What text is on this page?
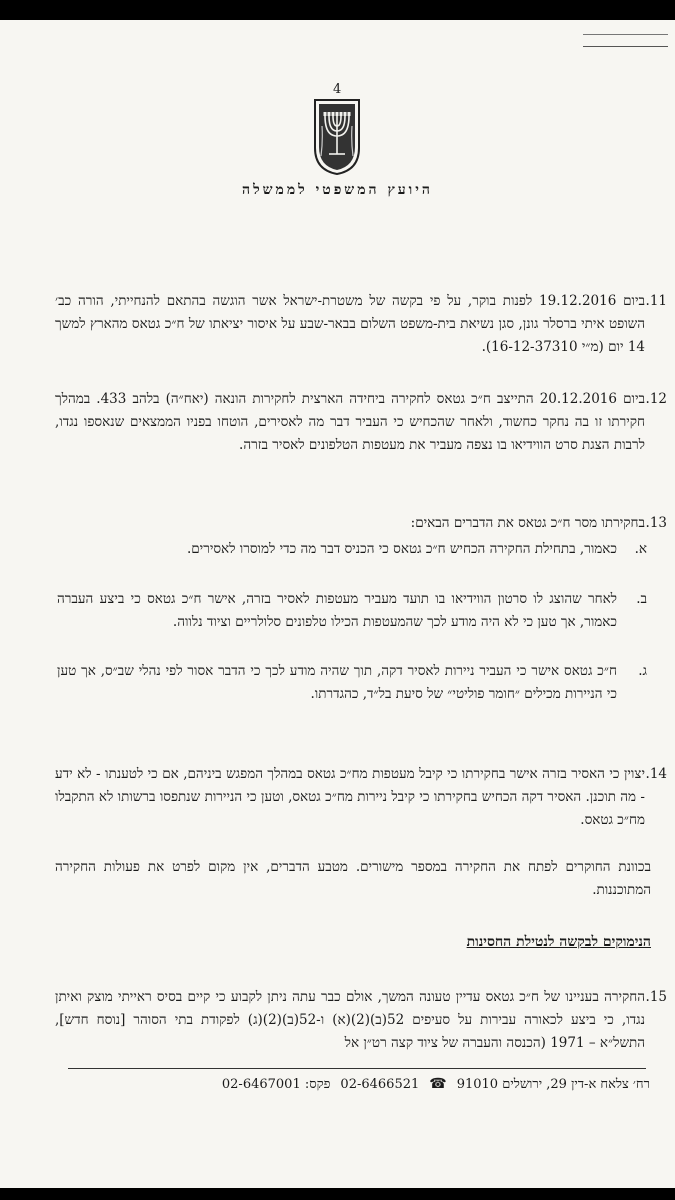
4
היועץ המשפטי לממשלה
11.
ביום 19.12.2016 לפנות בוקר, על פי בקשה של משטרת-ישראל אשר הוגשה בהתאם להנחייתי, הורה כב׳ השופט איתי ברסלר גונן, סגן נשיאת בית-משפט השלום בבאר-שבע על איסור יציאתו של ח״כ גטאס מהארץ למשך 14 יום (מ״י 16-12-37310).
12.
ביום 20.12.2016 התייצב ח״כ גטאס לחקירה ביחידה הארצית לחקירות הונאה (יאח״ה) בלהב 433. במהלך חקירתו זו בה נחקר כחשוד, ולאחר שהכחיש כי העביר דבר מה לאסירים, הוטחו בפניו הממצאים שנאספו נגדו, לרבות הצגת סרט הווידיאו בו נצפה מעביר את מעטפות הטלפונים לאסיר בזרה.
13.
בחקירתו מסר ח״כ גטאס את הדברים הבאים:
א.
כאמור, בתחילת החקירה הכחיש ח״כ גטאס כי הכניס דבר מה כדי למוסרו לאסירים.
ב.
לאחר שהוצג לו סרטון הווידיאו בו תועד מעביר מעטפות לאסיר בזרה, אישר ח״כ גטאס כי ביצע העברה כאמור, אך טען כי לא היה מודע לכך שהמעטפות הכילו טלפונים סלולריים וציוד נלווה.
ג.
ח״כ גטאס אישר כי העביר ניירות לאסיר דקה, תוך שהיה מודע לכך כי הדבר אסור לפי נהלי שב״ס, אך טען כי הניירות מכילים ״חומר פוליטי״ של סיעת בל״ד, כהגדרתו.
14.
יצוין כי האסיר בזרה אישר בחקירתו כי קיבל מעטפות מח״כ גטאס במהלך המפגש ביניהם, אם כי לטענתו - לא ידע - מה תוכנן. האסיר דקה הכחיש בחקירתו כי קיבל ניירות מח״כ גטאס, וטען כי הניירות שנתפסו ברשותו לא התקבלו מח״כ גטאס.
בכוונת החוקרים לפתח את החקירה במספר מישורים. מטבע הדברים, אין מקום לפרט את פעולות החקירה המתוכננות.
הנימוקים לבקשה לנטילת החסינות
15.
החקירה בעניינו של ח״כ גטאס עדיין טעונה המשך, אולם כבר עתה ניתן לקבוע כי קיים בסיס ראייתי מוצק ואיתן נגדו, כי ביצע לכאורה עבירות על סעיפים 52(ב)(2)(א) ו-52(ב)(2)(ג) לפקודת בתי הסוהר [נוסח חדש], התשל״א – 1971 (הכנסה והעברה של ציוד קצה רט״ן אל
רח׳ צלאח א-דין 29, ירושלים 91010
☎
02-6466521
פקס: 02-6467001
